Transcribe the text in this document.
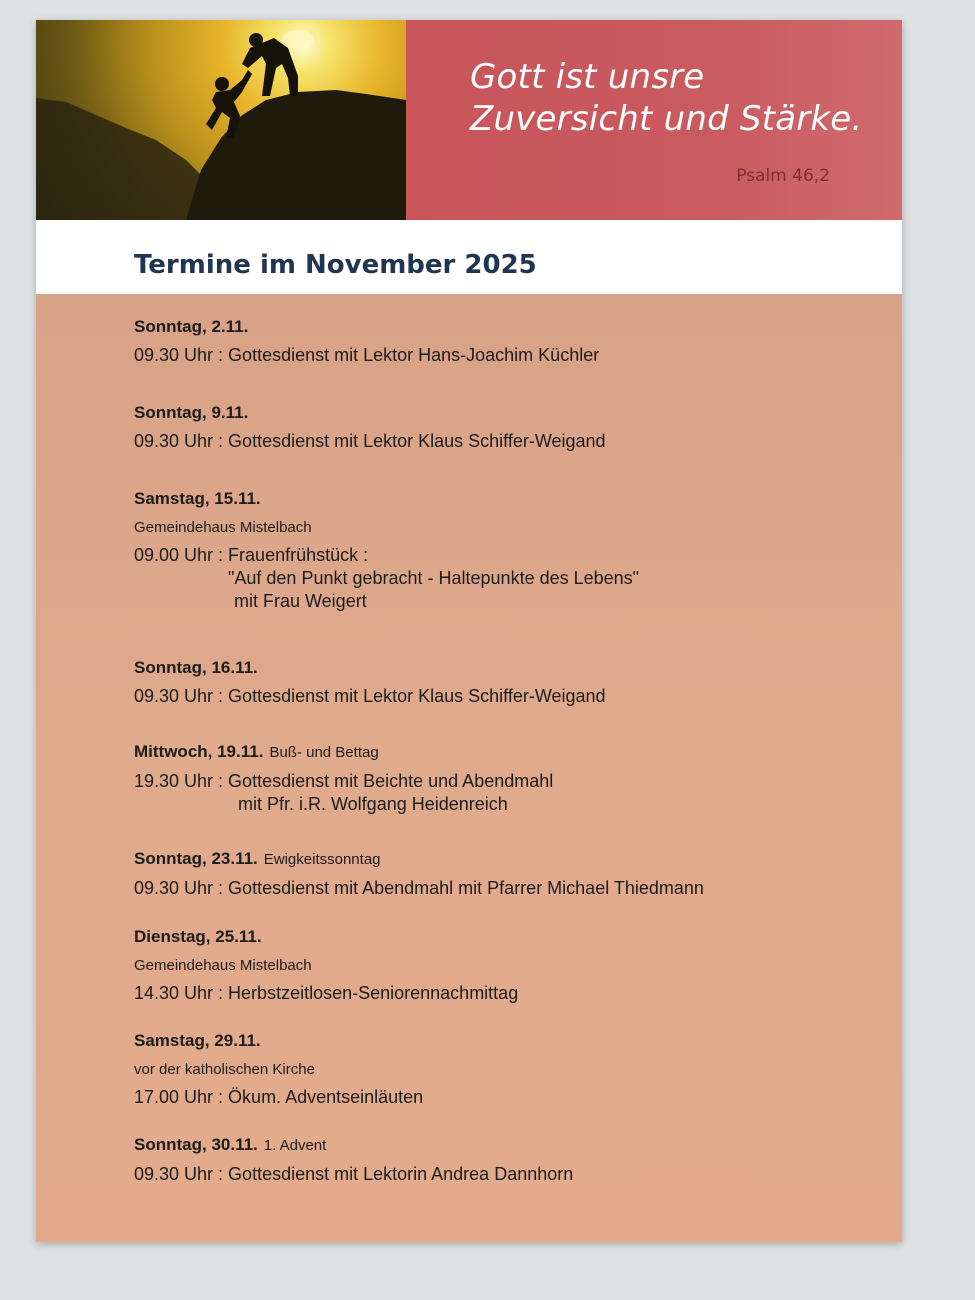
Gott ist unsre
Zuversicht und Stärke.

Psalm 46,2
Termine im November 2025
Sonntag, 2.11.
09.30 Uhr : Gottesdienst mit Lektor Hans-Joachim Küchler
Sonntag, 9.11.
09.30 Uhr : Gottesdienst mit Lektor Klaus Schiffer-Weigand
Samstag, 15.11.
Gemeindehaus Mistelbach
09.00 Uhr : Frauenfrühstück :
"Auf den Punkt gebracht - Haltepunkte des Lebens"
mit Frau Weigert
Sonntag, 16.11.
09.30 Uhr : Gottesdienst mit Lektor Klaus Schiffer-Weigand
Mittwoch, 19.11. Buß- und Bettag
19.30 Uhr : Gottesdienst mit Beichte und Abendmahl
mit Pfr. i.R. Wolfgang Heidenreich
Sonntag, 23.11. Ewigkeitssonntag
09.30 Uhr : Gottesdienst mit Abendmahl mit Pfarrer Michael Thiedmann
Dienstag, 25.11.
Gemeindehaus Mistelbach
14.30 Uhr : Herbstzeitlosen-Seniorennachmittag
Samstag, 29.11.
vor der katholischen Kirche
17.00 Uhr : Ökum. Adventseinläuten
Sonntag, 30.11. 1. Advent
09.30 Uhr : Gottesdienst mit Lektorin Andrea Dannhorn
